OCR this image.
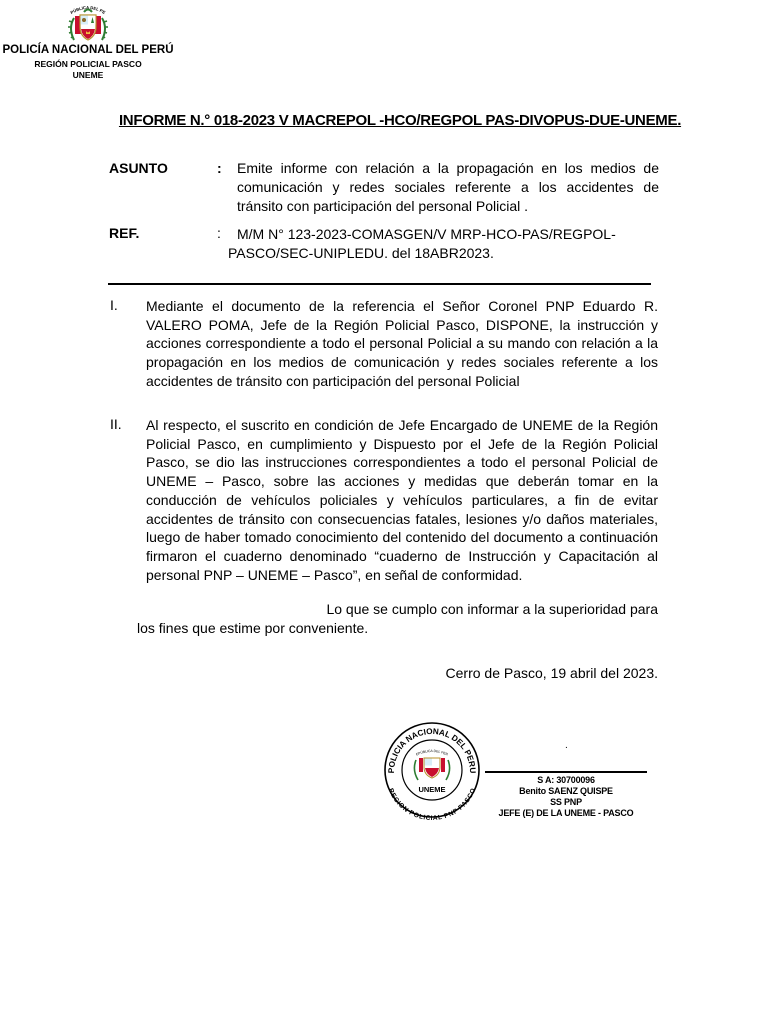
PÚBLICA DEL PE
POLICÍA NACIONAL DEL PERÚ
REGIÓN POLICIAL PASCO
UNEME
INFORME N.° 018-2023 V MACREPOL -HCO/REGPOL PAS-DIVOPUS-DUE-UNEME.
ASUNTO	: Emite informe con relación a la propagación en los medios de comunicación y redes sociales referente a los accidentes de tránsito con participación del personal Policial .
REF.	: M/M N° 123-2023-COMASGEN/V MRP-HCO-PAS/REGPOL-
PASCO/SEC-UNIPLEDU. del 18ABR2023.
I. Mediante el documento de la referencia el Señor Coronel PNP Eduardo R. VALERO POMA, Jefe de la Región Policial Pasco, DISPONE, la instrucción y acciones correspondiente a todo el personal Policial a su mando con relación a la propagación en los medios de comunicación y redes sociales referente a los accidentes de tránsito con participación del personal Policial
II. Al respecto, el suscrito en condición de Jefe Encargado de UNEME de la Región Policial Pasco, en cumplimiento y Dispuesto por el Jefe de la Región Policial Pasco, se dio las instrucciones correspondientes a todo el personal Policial de UNEME – Pasco, sobre las acciones y medidas que deberán tomar en la conducción de vehículos policiales y vehículos particulares, a fin de evitar accidentes de tránsito con consecuencias fatales, lesiones y/o daños materiales, luego de haber tomado conocimiento del contenido del documento a continuación firmaron el cuaderno denominado “cuaderno de Instrucción y Capacitación al personal PNP – UNEME – Pasco”, en señal de conformidad.
Lo que se cumplo con informar a la superioridad para
los fines que estime por conveniente.
Cerro de Pasco, 19 abril del 2023.
POLICIA NACIONAL DEL PERU
REGION POLICIAL PNP PASCO
EPÚBLICA DEL PER
UNEME
.
S A: 30700096
Benito SAENZ QUISPE
SS PNP
JEFE (E) DE LA UNEME - PASCO
